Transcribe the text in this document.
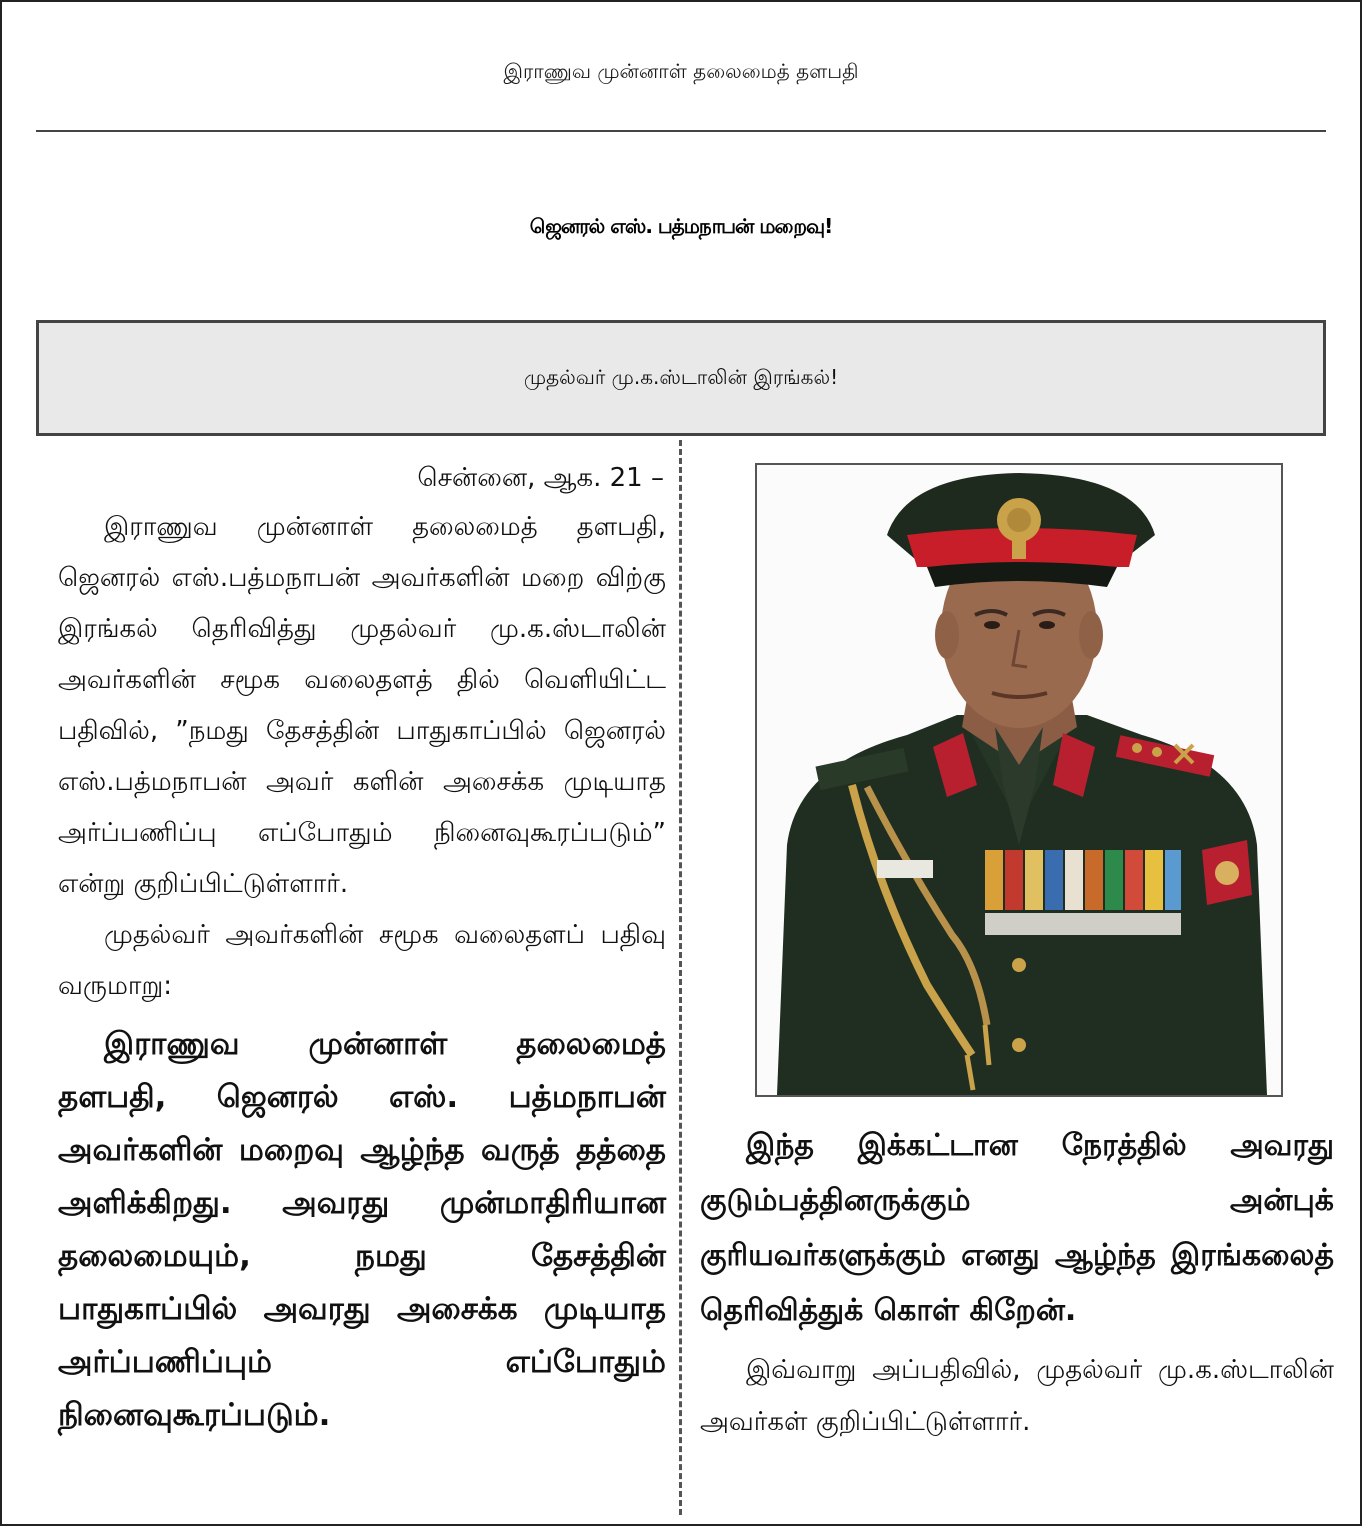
இராணுவ முன்னாள் தலைமைத் தளபதி
ஜெனரல் எஸ். பத்மநாபன் மறைவு!
முதல்வர் மு.க.ஸ்டாலின் இரங்கல்!

சென்னை, ஆக. 21 –

இராணுவ முன்னாள் தலைமைத் தளபதி, ஜெனரல் எஸ்.பத்மநாபன் அவர்களின் மறை விற்கு இரங்கல் தெரிவித்து முதல்வர் மு.க.ஸ்டாலின் அவர்களின் சமூக வலைதளத் தில் வெளியிட்ட பதிவில், ”நமது தேசத்தின் பாதுகாப்பில் ஜெனரல் எஸ்.பத்மநாபன் அவர் களின் அசைக்க முடியாத அர்ப்பணிப்பு எப்போதும் நினைவுகூரப்படும்” என்று குறிப்பிட்டுள்ளார்.

முதல்வர் அவர்களின் சமூக வலைதளப் பதிவு வருமாறு:

இராணுவ முன்னாள் தலைமைத் தளபதி, ஜெனரல் எஸ். பத்மநாபன் அவர்களின் மறைவு ஆழ்ந்த வருத் தத்தை அளிக்கிறது. அவரது முன்மாதிரியான தலைமையும், நமது தேசத்தின் பாதுகாப்பில் அவரது அசைக்க முடியாத அர்ப்பணிப்பும் எப்போதும் நினைவுகூரப்படும்.

இந்த இக்கட்டான நேரத்தில் அவரது குடும்பத்தினருக்கும் அன்புக் குரியவர்களுக்கும் எனது ஆழ்ந்த இரங்கலைத் தெரிவித்துக் கொள் கிறேன்.

இவ்வாறு அப்பதிவில், முதல்வர் மு.க.ஸ்டாலின் அவர்கள் குறிப்பிட்டுள்ளார்.
